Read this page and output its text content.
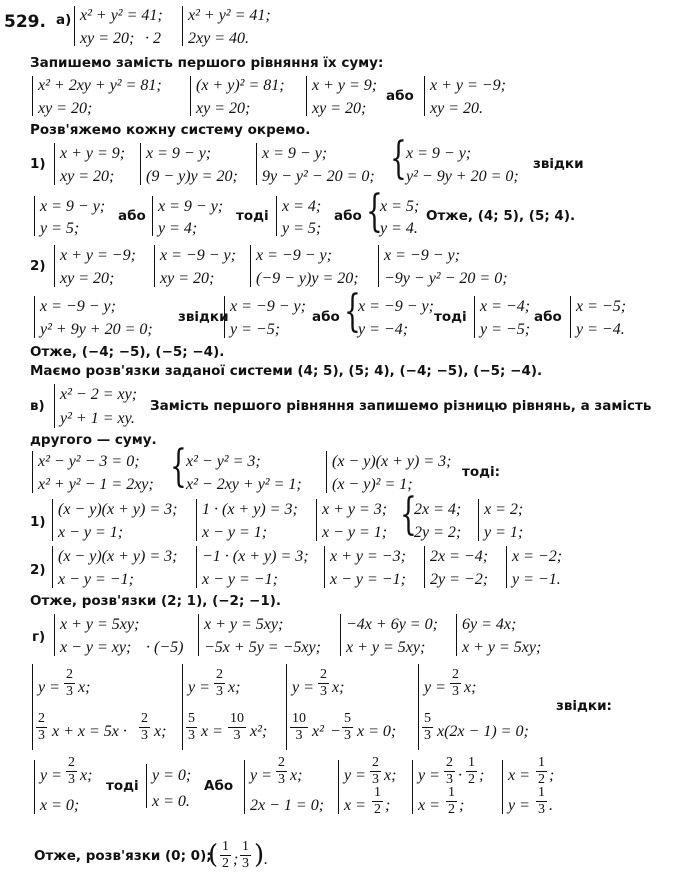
529. а) x² + y² = 41;
xy = 20; · 2
x² + y² = 41;
2xy = 40.
Запишемо замість першого рівняння їх суму:
x² + 2xy + y² = 81;
xy = 20;
(x + y)² = 81;
xy = 20;
x + y = 9;
xy = 20;
або
x + y = −9;
xy = 20.
Розв'яжемо кожну систему окремо.
1)
x + y = 9;
xy = 20;
x = 9 − y;
(9 − y)y = 20;
x = 9 − y;
9y − y² − 20 = 0; { x = 9 − y;
y² − 9y + 20 = 0;
звідки
x = 9 − y;
y = 5;
або
x = 9 − y;
y = 4;
тоді
x = 4;
y = 5;
або {
x = 5;
y = 4.
Отже, (4; 5), (5; 4).
2)
x + y = −9;
xy = 20;
x = −9 − y;
xy = 20;
x = −9 − y;
(−9 − y)y = 20;
x = −9 − y;
−9y − y² − 20 = 0;
x = −9 − y;
y² + 9y + 20 = 0;
звідки
x = −9 − y;
y = −5;
або {
x = −9 − y;
y = −4;
тоді
x = −4;
y = −5;
або
x = −5;
y = −4.
Отже, (−4; −5), (−5; −4).
Маємо розв'язки заданої системи (4; 5), (5; 4), (−4; −5), (−5; −4).
в)
x² − 2 = xy;
y² + 1 = xy.
Замість першого рівняння запишемо різницю рівнянь, а замість
другого — суму.
x² − y² − 3 = 0;
x² + y² − 1 = 2xy; { x² − y² = 3;
x² − 2xy + y² = 1;
(x − y)(x + y) = 3;
(x − y)² = 1;
тоді:
1)
(x − y)(x + y) = 3;
x − y = 1;
1 · (x + y) = 3;
x − y = 1;
x + y = 3;
x − y = 1; {
2x = 4;
2y = 2;
x = 2;
y = 1;
2)
(x − y)(x + y) = 3;
x − y = −1;
−1 · (x + y) = 3;
x − y = −1;
x + y = −3;
x − y = −1;
2x = −4;
2y = −2;
x = −2;
y = −1.
Отже, розв'язки (2; 1), (−2; −1).
г)
x + y = 5xy;
x − y = xy; · (−5)
x + y = 5xy;
−5x + 5y = −5xy;
−4x + 6y = 0;
x + y = 5xy;
6y = 4x;
x + y = 5xy;
$y = \frac{2}{3} x$;
$\frac{2}{3}$ $x + x = 5x \cdot \frac{2}{3} x$;
$y = \frac{2}{3} x$;
$\frac{5}{3}$ $x = \frac{10}{3} x^2$;
$y = \frac{2}{3} x$;
$\frac{10}{3} x^2 - \frac{5}{3}$ x = 0;
$y = \frac{2}{3} x$;
$\frac{5}{3} x(2x - 1) = 0$;
звідки:
$y = \frac{2}{3} x$;
x = 0;
тоді
y = 0;
x = 0.
Або
$y = \frac{2}{3} x$;
2x − 1 = 0;
$y = \frac{2}{3} x$;
$x = \frac{1}{2}$ ;
$y = \frac{2}{3} \cdot \frac{1}{2}$ ;
$x = \frac{1}{2}$ ;
$x = \frac{1}{2}$ ;
$y = \frac{1}{3}$ .
Отже, розв'язки (0; 0);
( $\frac{1}{2}$ ; $\frac{1}{3}$ ) .
